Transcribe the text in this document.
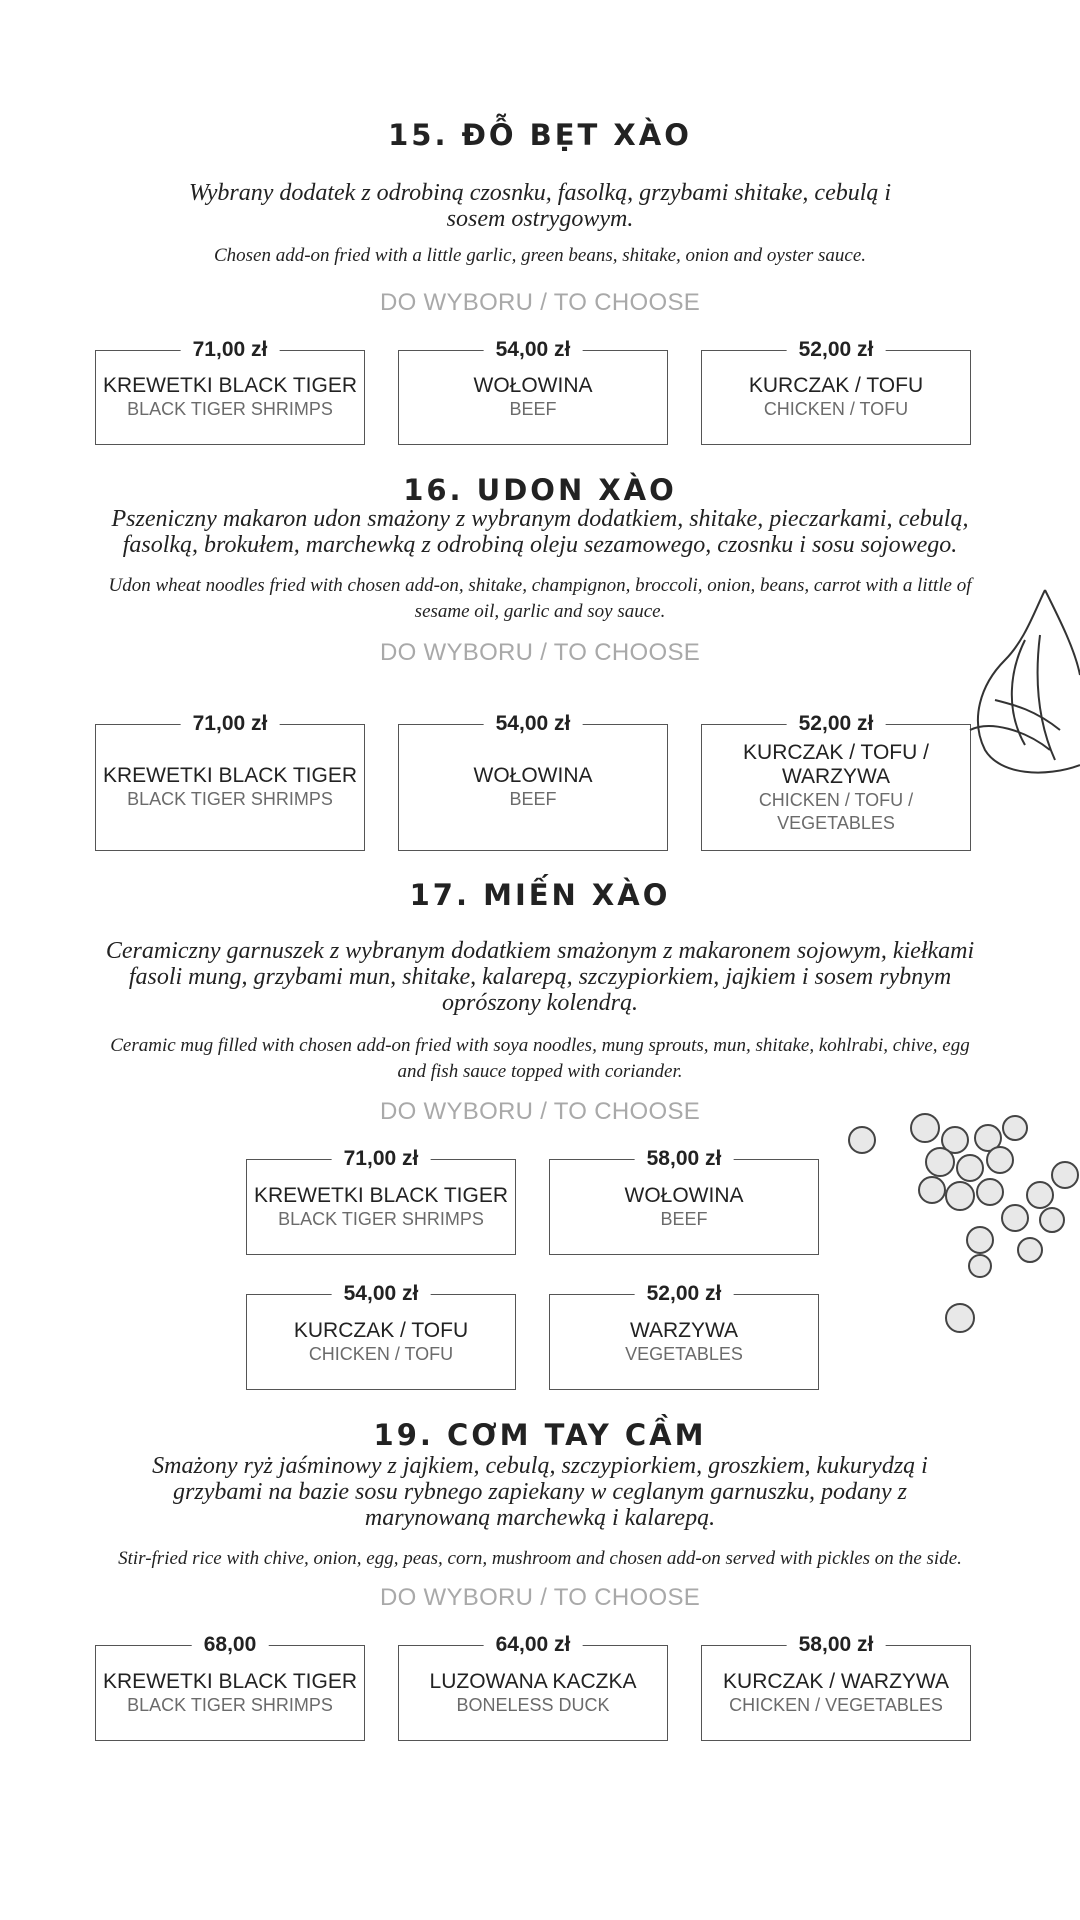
15. ĐỖ BẸT XÀO
Wybrany dodatek z odrobiną czosnku, fasolką, grzybami shitake, cebulą i sosem ostrygowym.
Chosen add-on fried with a little garlic, green beans, shitake, onion and oyster sauce.
DO WYBORU / TO CHOOSE
71,00 zł
KREWETKI BLACK TIGER
BLACK TIGER SHRIMPS
54,00 zł
WOŁOWINA
BEEF
52,00 zł
KURCZAK / TOFU
CHICKEN / TOFU
16. UDON XÀO
Pszeniczny makaron udon smażony z wybranym dodatkiem, shitake, pieczarkami, cebulą, fasolką, brokułem, marchewką z odrobiną oleju sezamowego, czosnku i sosu sojowego.
Udon wheat noodles fried with chosen add-on, shitake, champignon, broccoli, onion, beans, carrot with a little of sesame oil, garlic and soy sauce.
DO WYBORU / TO CHOOSE
71,00 zł
KREWETKI BLACK TIGER
BLACK TIGER SHRIMPS
54,00 zł
WOŁOWINA
BEEF
52,00 zł
KURCZAK / TOFU / WARZYWA
CHICKEN / TOFU / VEGETABLES
17. MIẾN XÀO
Ceramiczny garnuszek z wybranym dodatkiem smażonym z makaronem sojowym, kiełkami fasoli mung, grzybami mun, shitake, kalarepą, szczypiorkiem, jajkiem i sosem rybnym oprószony kolendrą.
Ceramic mug filled with chosen add-on fried with soya noodles, mung sprouts, mun, shitake, kohlrabi, chive, egg and fish sauce topped with coriander.
DO WYBORU / TO CHOOSE
71,00 zł
KREWETKI BLACK TIGER
BLACK TIGER SHRIMPS
58,00 zł
WOŁOWINA
BEEF
54,00 zł
KURCZAK / TOFU
CHICKEN / TOFU
52,00 zł
WARZYWA
VEGETABLES
19. CƠM TAY CẦM
Smażony ryż jaśminowy z jajkiem, cebulą, szczypiorkiem, groszkiem, kukurydzą i grzybami na bazie sosu rybnego zapiekany w ceglanym garnuszku, podany z marynowaną marchewką i kalarepą.
Stir-fried rice with chive, onion, egg, peas, corn, mushroom and chosen add-on served with pickles on the side.
DO WYBORU / TO CHOOSE
68,00
KREWETKI BLACK TIGER
BLACK TIGER SHRIMPS
64,00 zł
LUZOWANA KACZKA
BONELESS DUCK
58,00 zł
KURCZAK / WARZYWA
CHICKEN / VEGETABLES
